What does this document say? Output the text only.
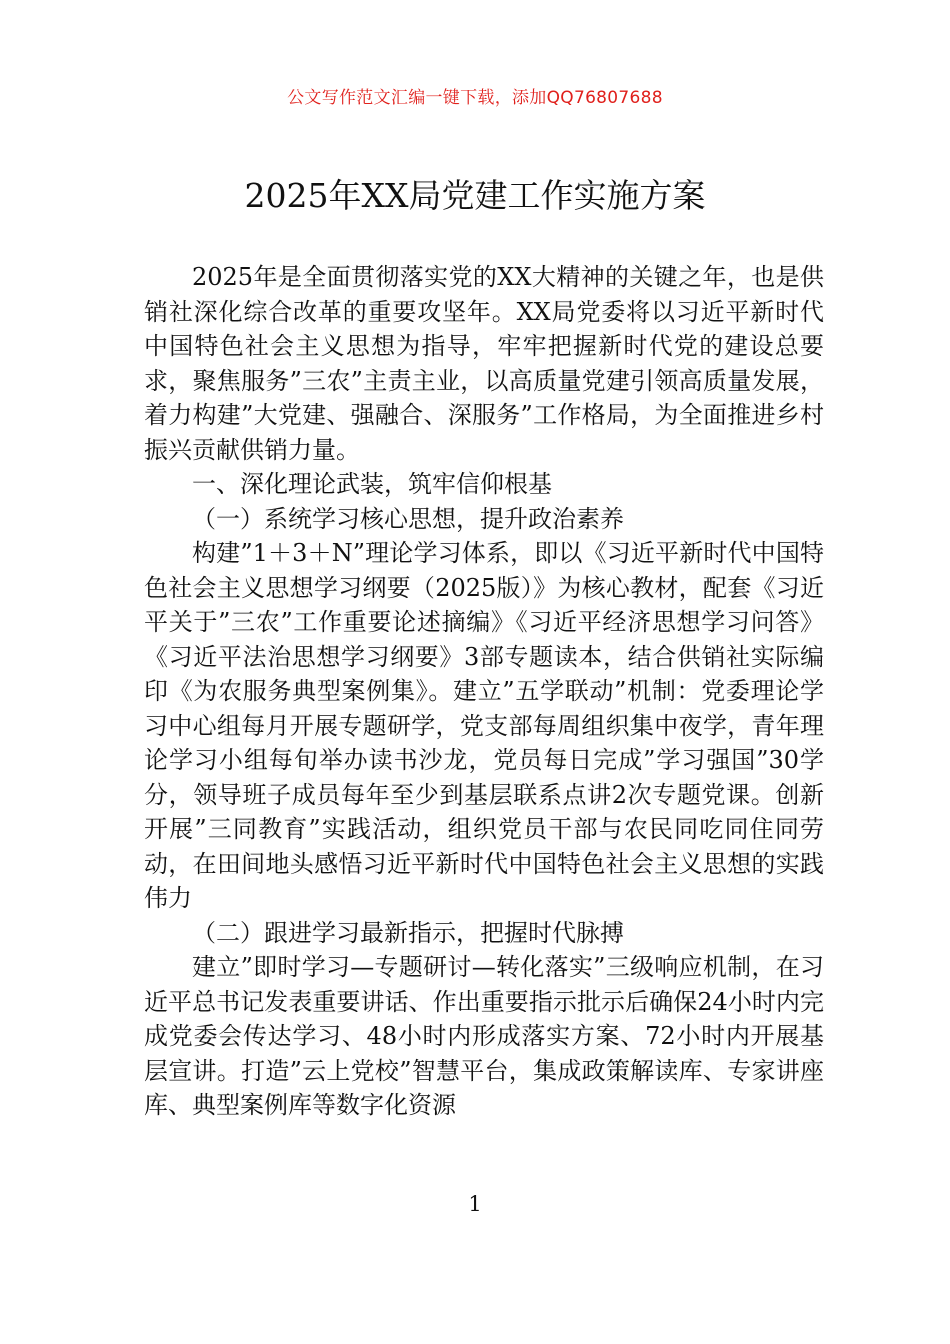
公文写作范文汇编一键下载，添加QQ76807688
2025年XX局党建工作实施方案

2025年是全面贯彻落实党的XX大精神的关键之年，也是供销社深化综合改革的重要攻坚年。XX局党委将以习近平新时代中国特色社会主义思想为指导，牢牢把握新时代党的建设总要求，聚焦服务”三农”主责主业，以高质量党建引领高质量发展，着力构建”大党建、强融合、深服务”工作格局，为全面推进乡村振兴贡献供销力量。

一、深化理论武装，筑牢信仰根基

（一）系统学习核心思想，提升政治素养

构建”1＋3＋N”理论学习体系，即以《习近平新时代中国特色社会主义思想学习纲要（2025版）》为核心教材，配套《习近平关于”三农”工作重要论述摘编》《习近平经济思想学习问答》《习近平法治思想学习纲要》3部专题读本，结合供销社实际编印《为农服务典型案例集》。建立”五学联动”机制：党委理论学习中心组每月开展专题研学，党支部每周组织集中夜学，青年理论学习小组每旬举办读书沙龙，党员每日完成”学习强国”30学分，领导班子成员每年至少到基层联系点讲2次专题党课。创新开展”三同教育”实践活动，组织党员干部与农民同吃同住同劳动，在田间地头感悟习近平新时代中国特色社会主义思想的实践伟力

（二）跟进学习最新指示，把握时代脉搏

建立”即时学习—专题研讨—转化落实”三级响应机制，在习近平总书记发表重要讲话、作出重要指示批示后确保24小时内完成党委会传达学习、48小时内形成落实方案、72小时内开展基层宣讲。打造”云上党校”智慧平台，集成政策解读库、专家讲座库、典型案例库等数字化资源

1
